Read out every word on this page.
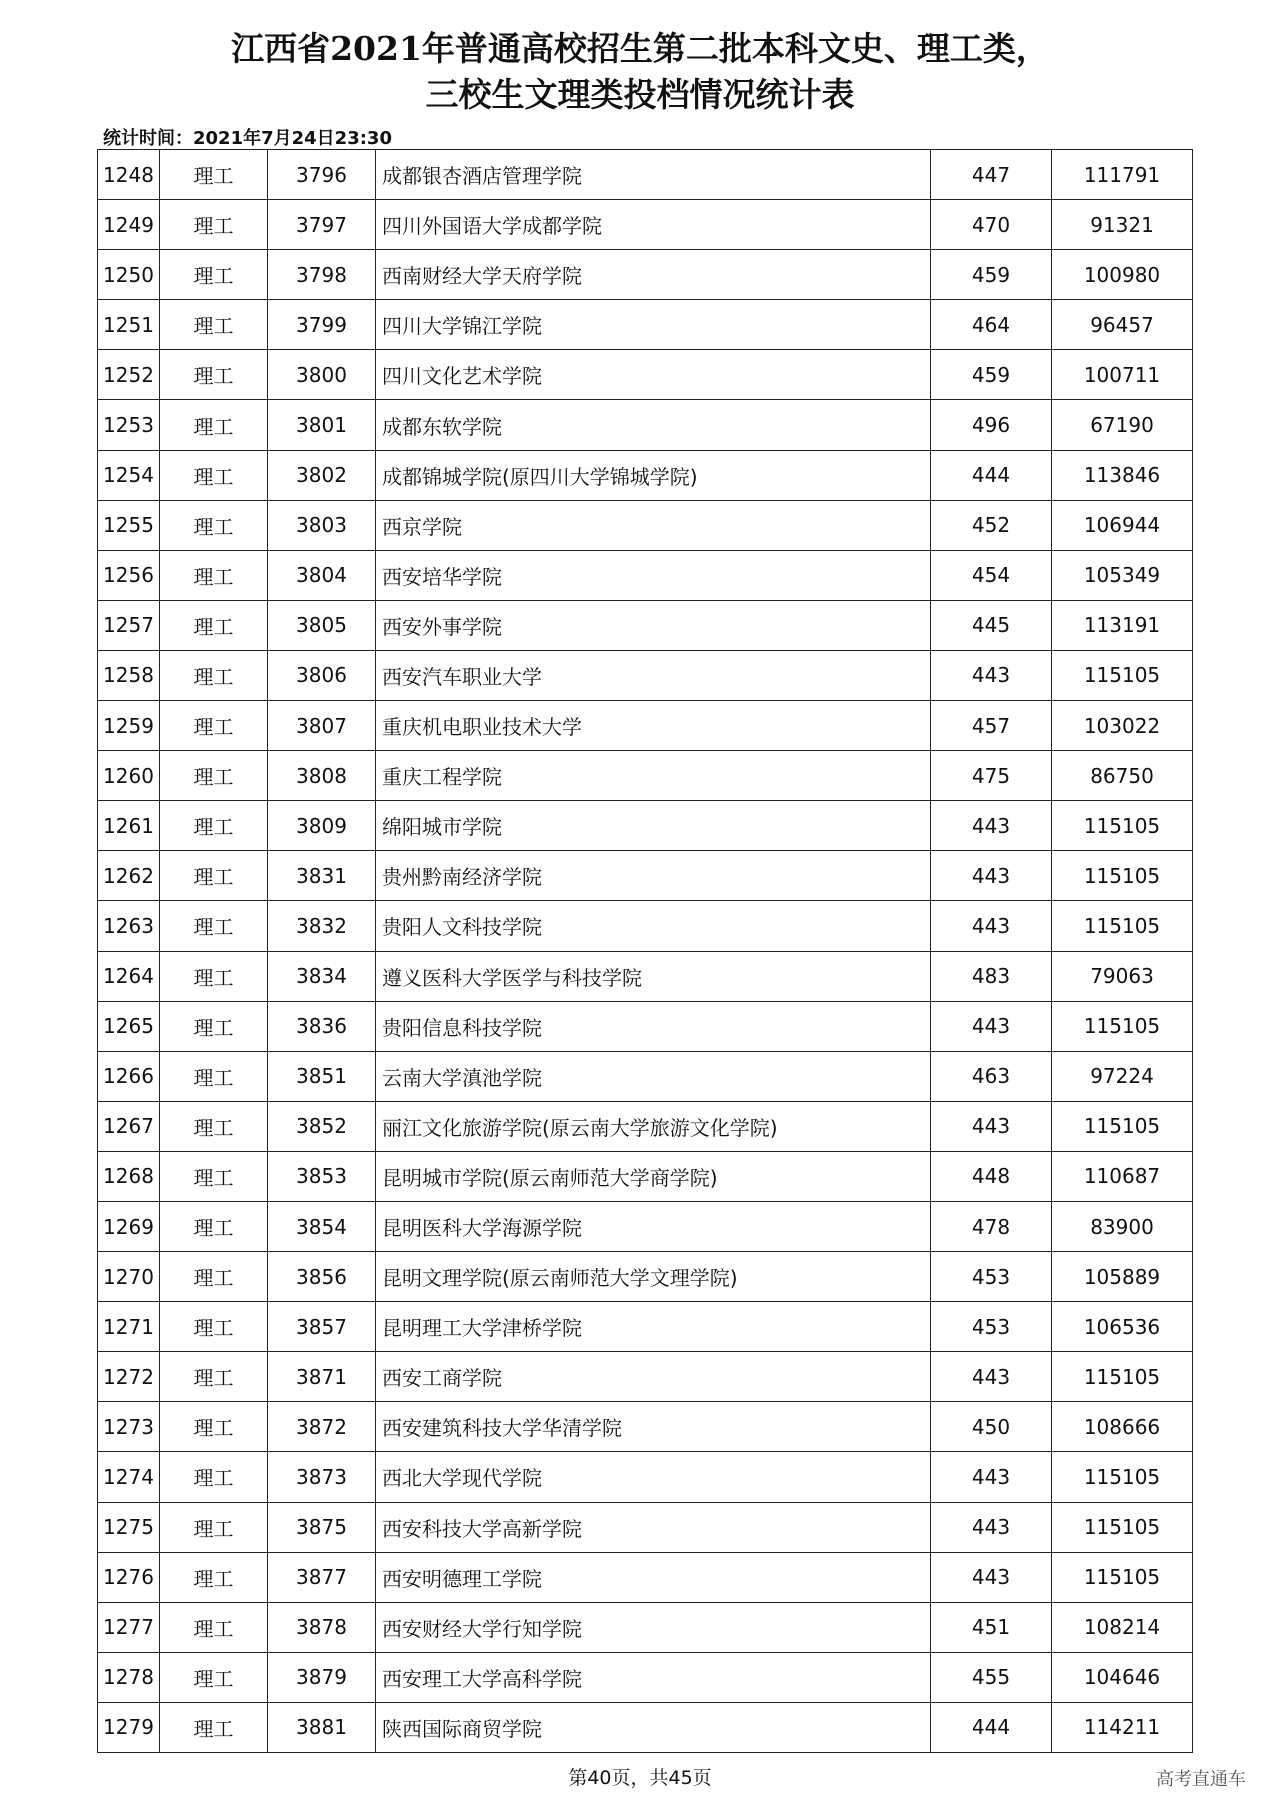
江西省2021年普通高校招生第二批本科文史、理工类，
三校生文理类投档情况统计表
统计时间：2021年7月24日23:30
1248	理工	3796	成都银杏酒店管理学院	447	111791
1249	理工	3797	四川外国语大学成都学院	470	91321
1250	理工	3798	西南财经大学天府学院	459	100980
1251	理工	3799	四川大学锦江学院	464	96457
1252	理工	3800	四川文化艺术学院	459	100711
1253	理工	3801	成都东软学院	496	67190
1254	理工	3802	成都锦城学院(原四川大学锦城学院)	444	113846
1255	理工	3803	西京学院	452	106944
1256	理工	3804	西安培华学院	454	105349
1257	理工	3805	西安外事学院	445	113191
1258	理工	3806	西安汽车职业大学	443	115105
1259	理工	3807	重庆机电职业技术大学	457	103022
1260	理工	3808	重庆工程学院	475	86750
1261	理工	3809	绵阳城市学院	443	115105
1262	理工	3831	贵州黔南经济学院	443	115105
1263	理工	3832	贵阳人文科技学院	443	115105
1264	理工	3834	遵义医科大学医学与科技学院	483	79063
1265	理工	3836	贵阳信息科技学院	443	115105
1266	理工	3851	云南大学滇池学院	463	97224
1267	理工	3852	丽江文化旅游学院(原云南大学旅游文化学院)	443	115105
1268	理工	3853	昆明城市学院(原云南师范大学商学院)	448	110687
1269	理工	3854	昆明医科大学海源学院	478	83900
1270	理工	3856	昆明文理学院(原云南师范大学文理学院)	453	105889
1271	理工	3857	昆明理工大学津桥学院	453	106536
1272	理工	3871	西安工商学院	443	115105
1273	理工	3872	西安建筑科技大学华清学院	450	108666
1274	理工	3873	西北大学现代学院	443	115105
1275	理工	3875	西安科技大学高新学院	443	115105
1276	理工	3877	西安明德理工学院	443	115105
1277	理工	3878	西安财经大学行知学院	451	108214
1278	理工	3879	西安理工大学高科学院	455	104646
1279	理工	3881	陕西国际商贸学院	444	114211
第40页，共45页	高考直通车
